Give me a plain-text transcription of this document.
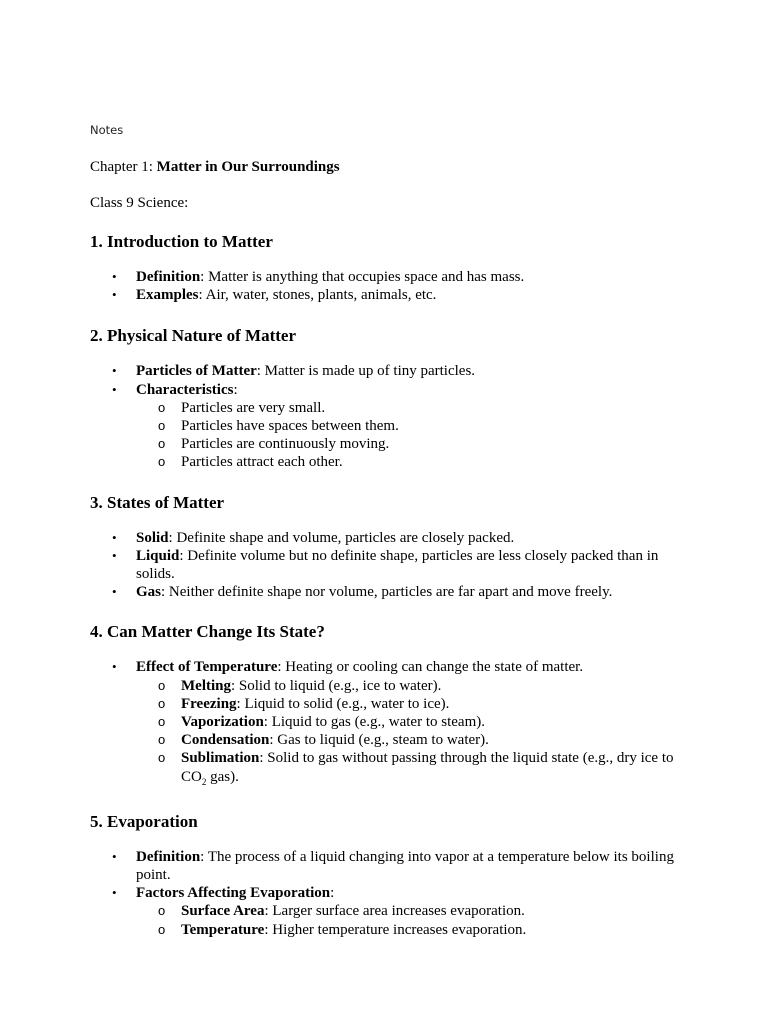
Notes
Chapter 1: Matter in Our Surroundings
Class 9 Science:
1. Introduction to Matter
• Definition: Matter is anything that occupies space and has mass.
• Examples: Air, water, stones, plants, animals, etc.
2. Physical Nature of Matter
• Particles of Matter: Matter is made up of tiny particles.
• Characteristics:
o Particles are very small.
o Particles have spaces between them.
o Particles are continuously moving.
o Particles attract each other.
3. States of Matter
• Solid: Definite shape and volume, particles are closely packed.
• Liquid: Definite volume but no definite shape, particles are less closely packed than in solids.
• Gas: Neither definite shape nor volume, particles are far apart and move freely.
4. Can Matter Change Its State?
• Effect of Temperature: Heating or cooling can change the state of matter.
o Melting: Solid to liquid (e.g., ice to water).
o Freezing: Liquid to solid (e.g., water to ice).
o Vaporization: Liquid to gas (e.g., water to steam).
o Condensation: Gas to liquid (e.g., steam to water).
o Sublimation: Solid to gas without passing through the liquid state (e.g., dry ice to $CO_2$ gas).
5. Evaporation
• Definition: The process of a liquid changing into vapor at a temperature below its boiling point.
• Factors Affecting Evaporation:
o Surface Area: Larger surface area increases evaporation.
o Temperature: Higher temperature increases evaporation.
